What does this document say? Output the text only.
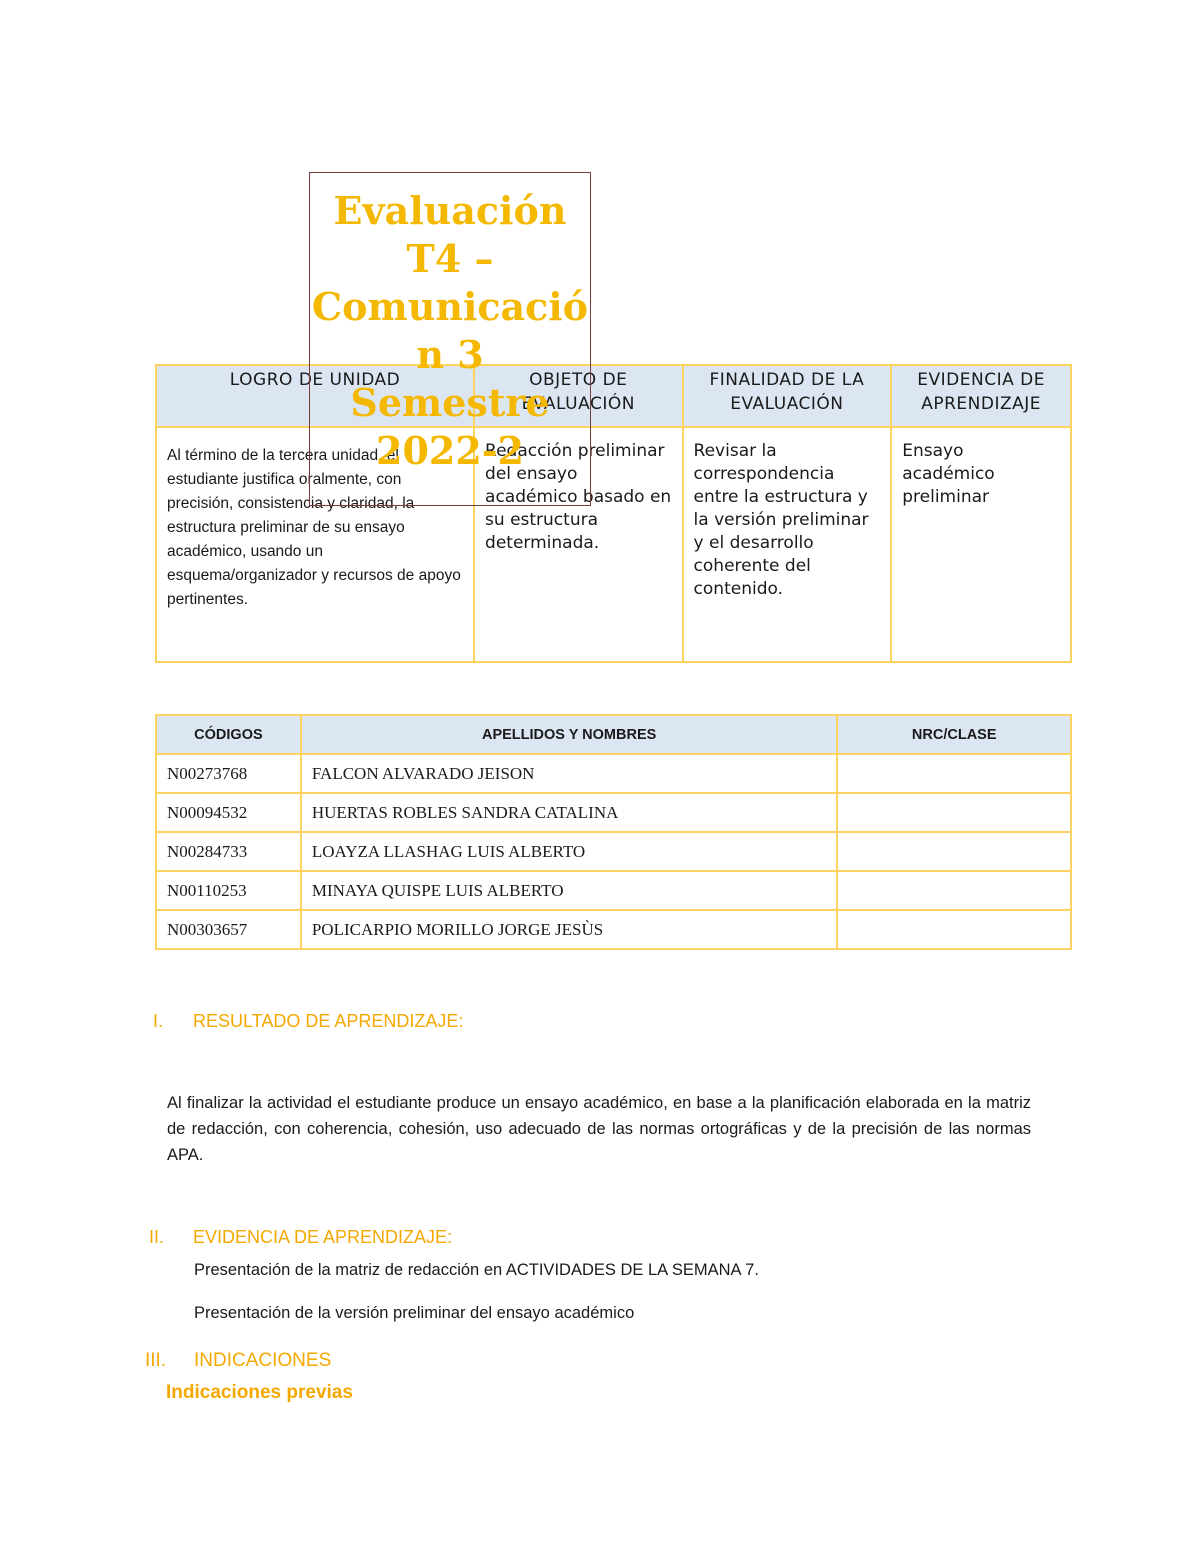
Evaluación
T4 –
Comunicación 3
Semestre
2022-2
LOGRO DE UNIDAD	OBJETO DE EVALUACIÓN	FINALIDAD DE LA EVALUACIÓN	EVIDENCIA DE APRENDIZAJE
Al término de la tercera unidad, el estudiante justifica oralmente, con precisión, consistencia y claridad, la estructura preliminar de su ensayo académico, usando un esquema/organizador y recursos de apoyo pertinentes.	Redacción preliminar del ensayo académico basado en su estructura determinada.	Revisar la correspondencia entre la estructura y la versión preliminar y el desarrollo coherente del contenido.	Ensayo académico preliminar
CÓDIGOS	APELLIDOS Y NOMBRES	NRC/CLASE
N00273768	FALCON ALVARADO JEISON	
N00094532	HUERTAS ROBLES SANDRA CATALINA	
N00284733	LOAYZA LLASHAG LUIS ALBERTO	
N00110253	MINAYA QUISPE LUIS ALBERTO	
N00303657	POLICARPIO MORILLO JORGE JESÙS	
I.	RESULTADO DE APRENDIZAJE:
Al finalizar la actividad el estudiante produce un ensayo académico, en base a la planificación elaborada en la matriz de redacción, con coherencia, cohesión, uso adecuado de las normas ortográficas y de la precisión de las normas APA.
II.	EVIDENCIA DE APRENDIZAJE:
Presentación de la matriz de redacción en ACTIVIDADES DE LA SEMANA 7.
Presentación de la versión preliminar del ensayo académico
III.	INDICACIONES
Indicaciones previas
